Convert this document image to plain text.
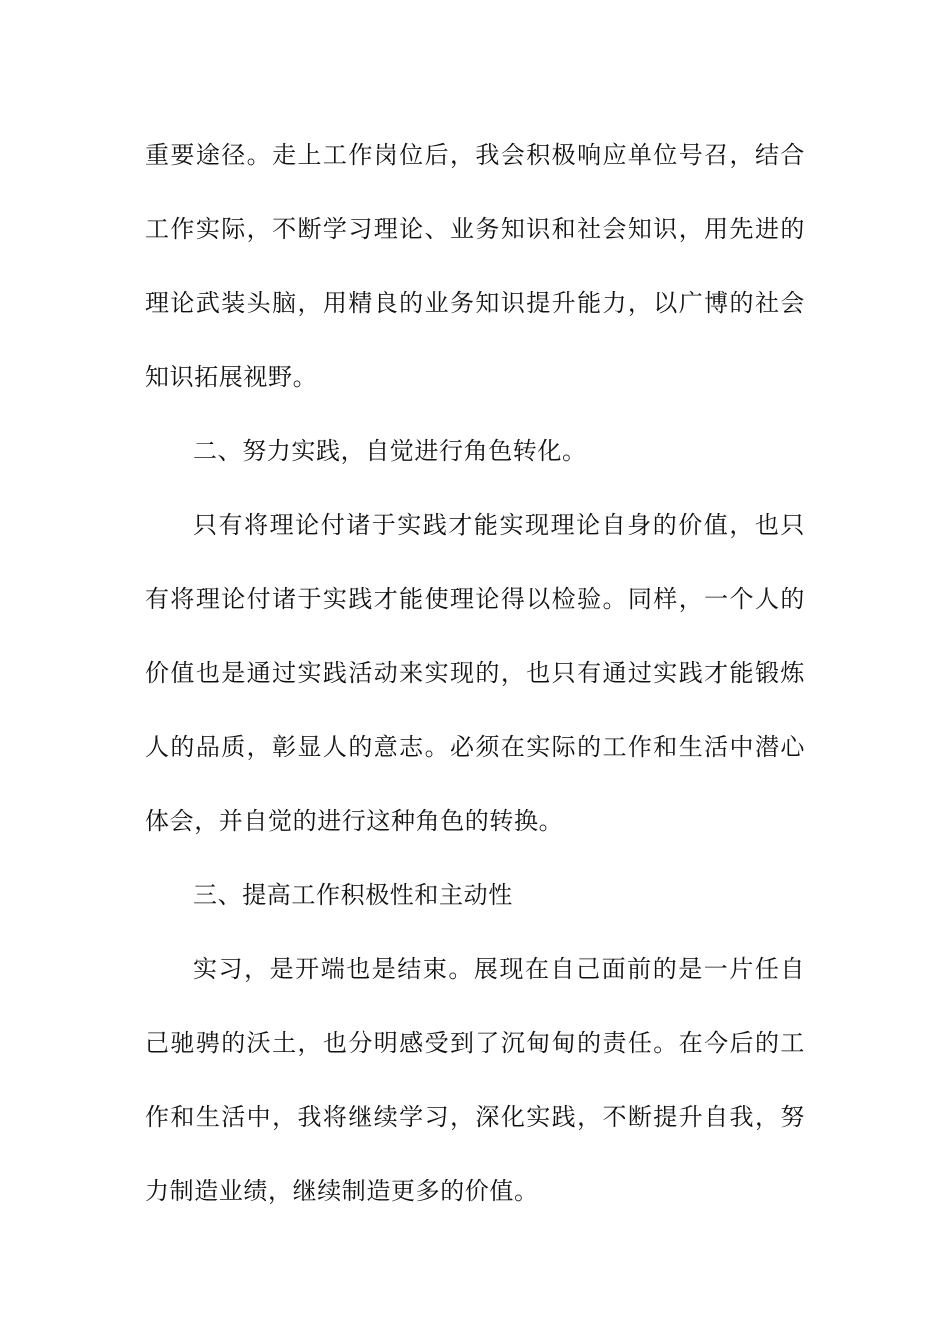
重要途径。走上工作岗位后，我会积极响应单位号召，结合工作实际，不断学习理论、业务知识和社会知识，用先进的理论武装头脑，用精良的业务知识提升能力，以广博的社会知识拓展视野。

二、努力实践，自觉进行角色转化。

只有将理论付诸于实践才能实现理论自身的价值，也只有将理论付诸于实践才能使理论得以检验。同样，一个人的价值也是通过实践活动来实现的，也只有通过实践才能锻炼人的品质，彰显人的意志。必须在实际的工作和生活中潜心体会，并自觉的进行这种角色的转换。

三、提高工作积极性和主动性

实习，是开端也是结束。展现在自己面前的是一片任自己驰骋的沃土，也分明感受到了沉甸甸的责任。在今后的工作和生活中，我将继续学习，深化实践，不断提升自我，努力制造业绩，继续制造更多的价值。
